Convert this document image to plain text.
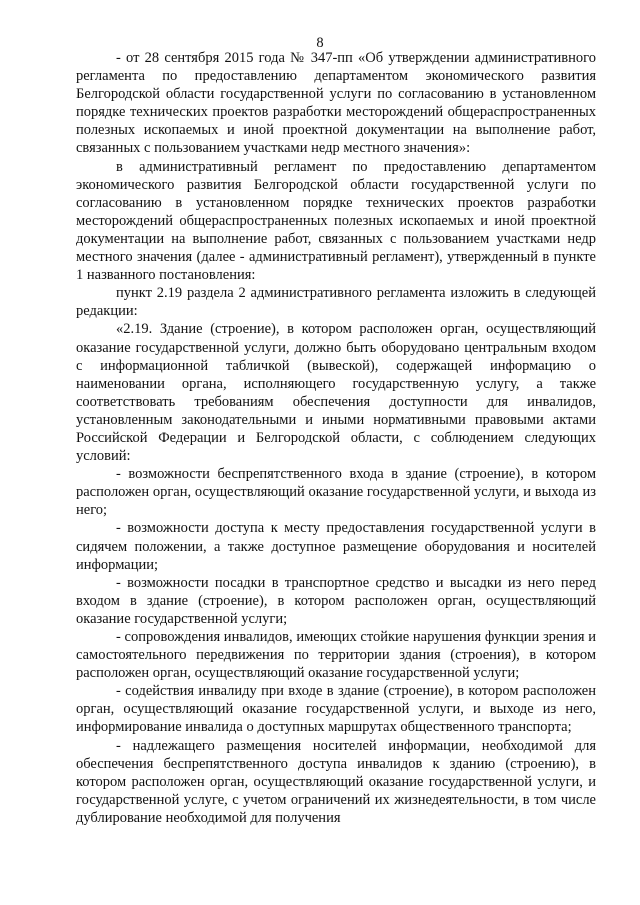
8

- от 28 сентября 2015 года № 347-пп «Об утверждении административного регламента по предоставлению департаментом экономического развития Белгородской области государственной услуги по согласованию в установленном порядке технических проектов разработки месторождений общераспространенных полезных ископаемых и иной проектной документации на выполнение работ, связанных с пользованием участками недр местного значения»:

в административный регламент по предоставлению департаментом экономического развития Белгородской области государственной услуги по согласованию в установленном порядке технических проектов разработки месторождений общераспространенных полезных ископаемых и иной проектной документации на выполнение работ, связанных с пользованием участками недр местного значения (далее - административный регламент), утвержденный в пункте 1 названного постановления:

пункт 2.19 раздела 2 административного регламента изложить в следующей редакции:

«2.19. Здание (строение), в котором расположен орган, осуществляющий оказание государственной услуги, должно быть оборудовано центральным входом с информационной табличкой (вывеской), содержащей информацию о наименовании органа, исполняющего государственную услугу, а также соответствовать требованиям обеспечения доступности для инвалидов, установленным законодательными и иными нормативными правовыми актами Российской Федерации и Белгородской области, с соблюдением следующих условий:

- возможности беспрепятственного входа в здание (строение), в котором расположен орган, осуществляющий оказание государственной услуги, и выхода из него;

- возможности доступа к месту предоставления государственной услуги в сидячем положении, а также доступное размещение оборудования и носителей информации;

- возможности посадки в транспортное средство и высадки из него перед входом в здание (строение), в котором расположен орган, осуществляющий оказание государственной услуги;

- сопровождения инвалидов, имеющих стойкие нарушения функции зрения и самостоятельного передвижения по территории здания (строения), в котором расположен орган, осуществляющий оказание государственной услуги;

- содействия инвалиду при входе в здание (строение), в котором расположен орган, осуществляющий оказание государственной услуги, и выходе из него, информирование инвалида о доступных маршрутах общественного транспорта;

- надлежащего размещения носителей информации, необходимой для обеспечения беспрепятственного доступа инвалидов к зданию (строению), в котором расположен орган, осуществляющий оказание государственной услуги, и государственной услуге, с учетом ограничений их жизнедеятельности, в том числе дублирование необходимой для получения
